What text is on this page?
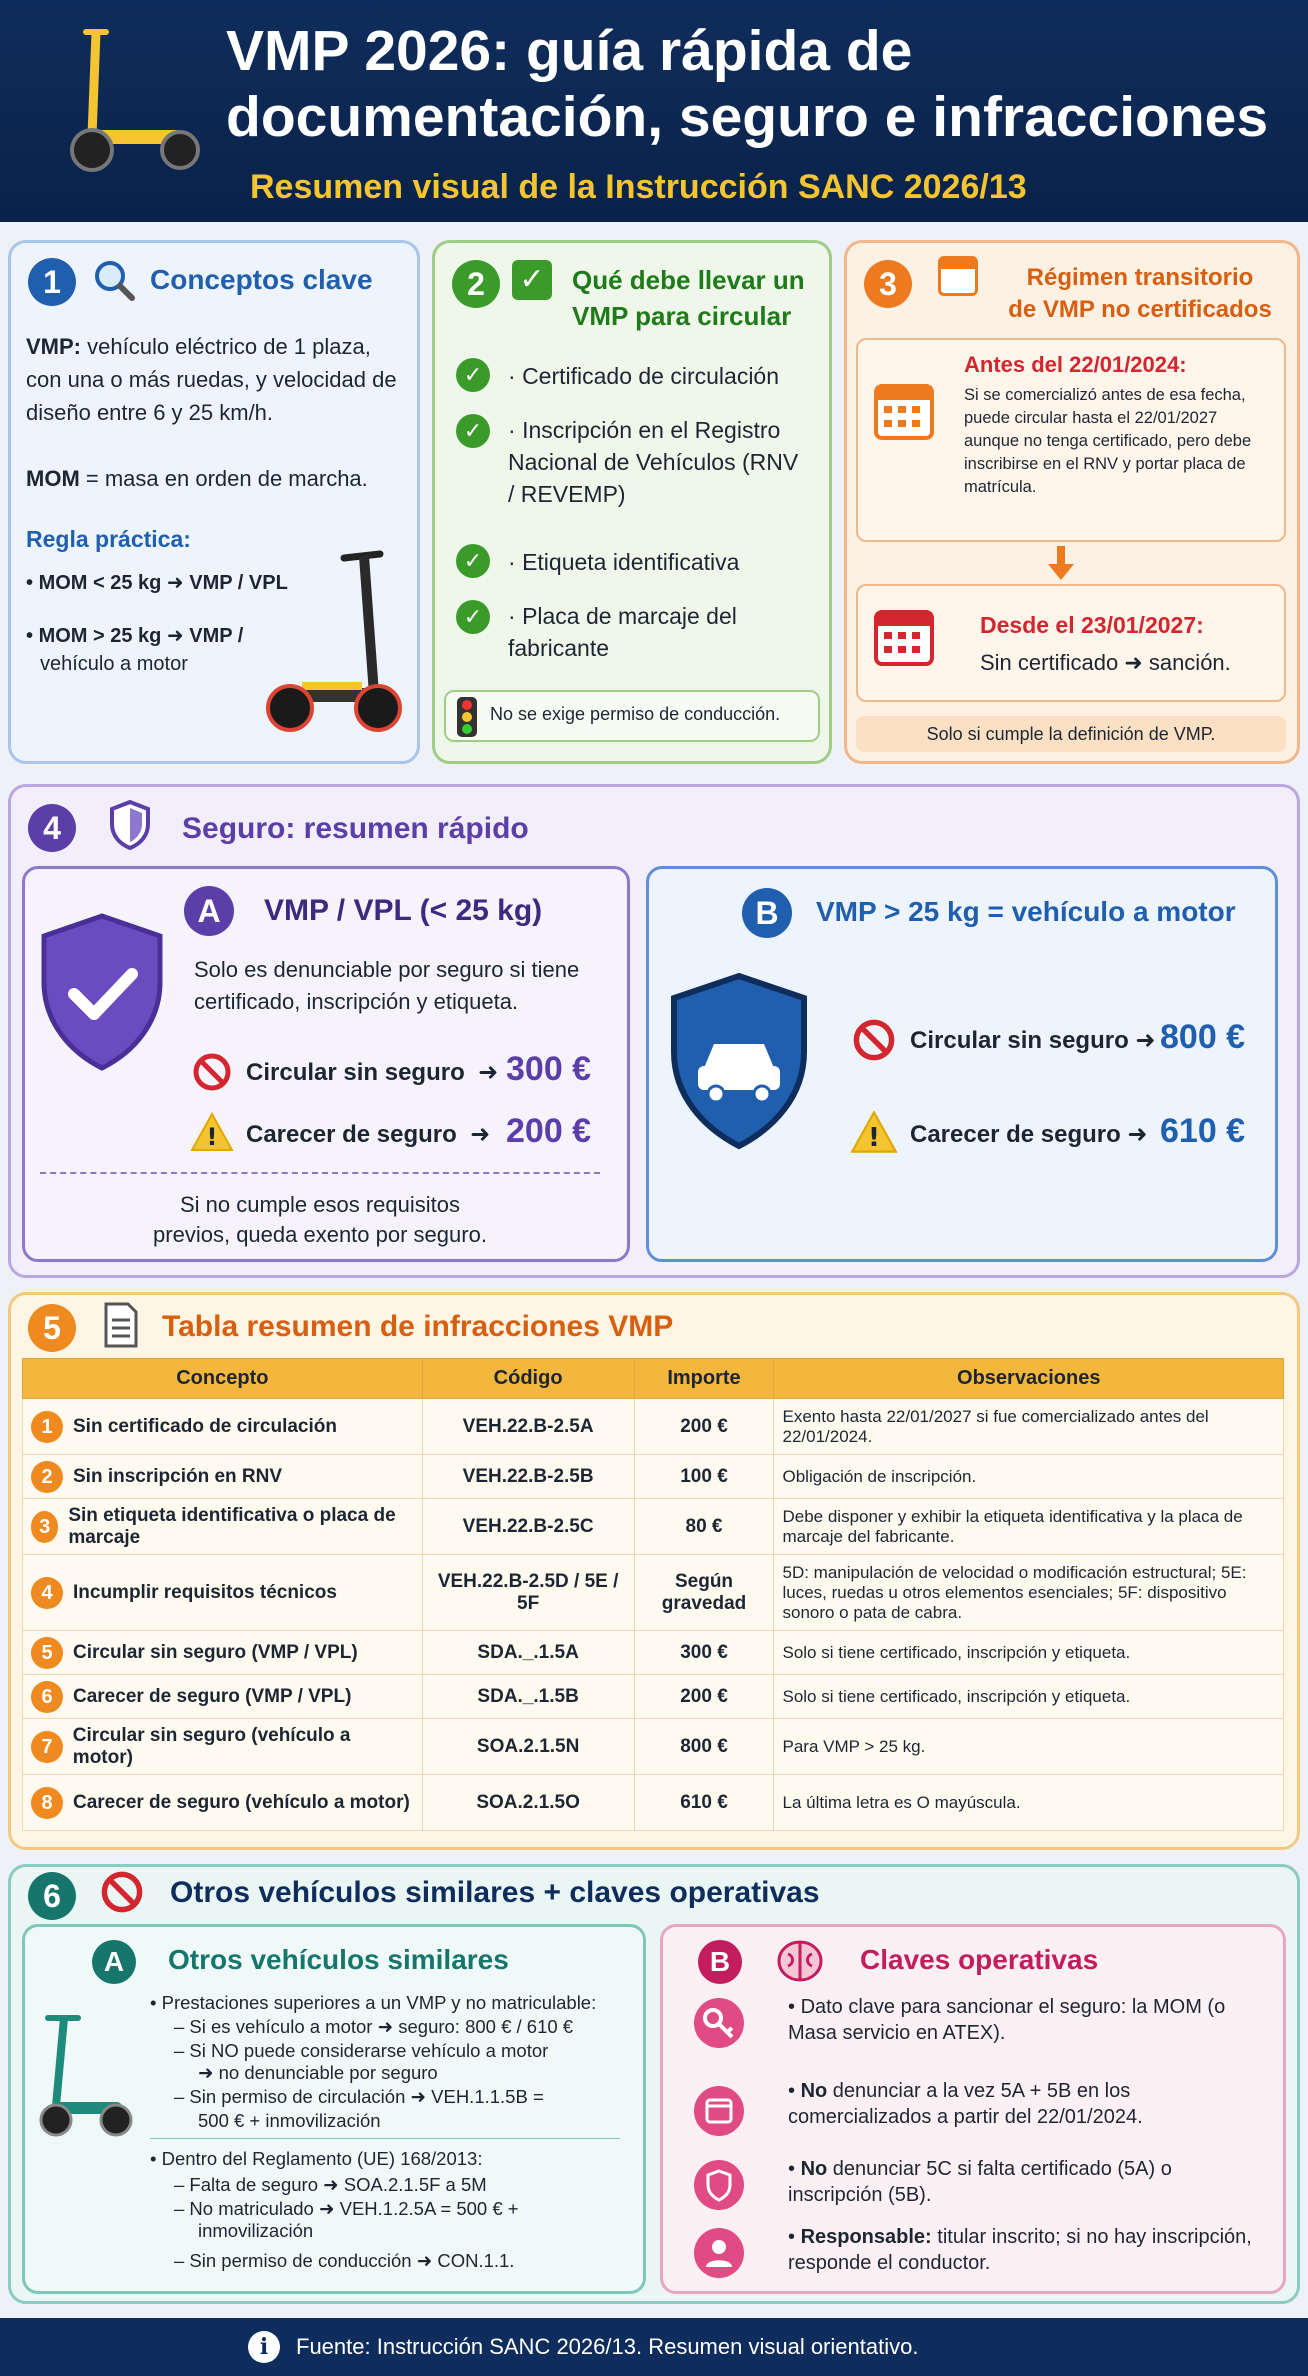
VMP 2026: guía rápida de
documentación, seguro e infracciones
Resumen visual de la Instrucción SANC 2026/13
1	Conceptos clave
VMP: vehículo eléctrico de 1 plaza, con una o más ruedas, y velocidad de diseño entre 6 y 25 km/h.
MOM = masa en orden de marcha.
Regla práctica:
• MOM < 25 kg ➜ VMP / VPL
• MOM > 25 kg ➜ VMP /
vehículo a motor
2	✓ Qué debe llevar un
VMP para circular
✓	· Certificado de circulación
✓	· Inscripción en el Registro Nacional de Vehículos (RNV / REVEMP)
✓	· Etiqueta identificativa
✓	· Placa de marcaje del fabricante
No se exige permiso de conducción.
3	Régimen transitorio
de VMP no certificados
Antes del 22/01/2024:
Si se comercializó antes de esa fecha, puede circular hasta el 22/01/2027 aunque no tenga certificado, pero debe inscribirse en el RNV y portar placa de matrícula.
Desde el 23/01/2027:
Sin certificado ➜ sanción.
Solo si cumple la definición de VMP.
4	Seguro: resumen rápido
A	VMP / VPL (< 25 kg)
Solo es denunciable por seguro si tiene certificado, inscripción y etiqueta.
Circular sin seguro  ➜ 300 €
! Carecer de seguro  ➜ 200 €
Si no cumple esos requisitos previos, queda exento por seguro.
B	VMP > 25 kg = vehículo a motor
Circular sin seguro ➜ 800 €
! Carecer de seguro ➜ 610 €
5	Tabla resumen de infracciones VMP
Concepto	Código	Importe	Observaciones

1 Sin certificado de circulación	VEH.22.B-2.5A	200 €	Exento hasta 22/01/2027 si fue comercializado antes del 22/01/2024.

2 Sin inscripción en RNV	VEH.22.B-2.5B	100 €	Obligación de inscripción.

3
Sin etiqueta identificativa o placa de marcaje	VEH.22.B-2.5C	80 €	Debe disponer y exhibir la etiqueta identificativa y la placa de marcaje del fabricante.

4 Incumplir requisitos técnicos	VEH.22.B-2.5D / 5E / 5F	Según gravedad	5D: manipulación de velocidad o modificación estructural; 5E: luces, ruedas u otros elementos esenciales; 5F: dispositivo sonoro o pata de cabra.

5 Circular sin seguro (VMP / VPL)	SDA._.1.5A	300 €	Solo si tiene certificado, inscripción y etiqueta.

6 Carecer de seguro (VMP / VPL)	SDA._.1.5B	200 €	Solo si tiene certificado, inscripción y etiqueta.

7
Circular sin seguro (vehículo a motor)	SOA.2.1.5N	800 €	Para VMP > 25 kg.

8 Carecer de seguro (vehículo a motor)	SOA.2.1.5O	610 €	La última letra es O mayúscula.
6	Otros vehículos similares + claves operativas
A	Otros vehículos similares
• Prestaciones superiores a un VMP y no matriculable:
– Si es vehículo a motor ➜ seguro: 800 € / 610 €
– Si NO puede considerarse vehículo a motor
➜ no denunciable por seguro
– Sin permiso de circulación ➜ VEH.1.1.5B =
500 € + inmovilización
• Dentro del Reglamento (UE) 168/2013:
– Falta de seguro ➜ SOA.2.1.5F a 5M
– No matriculado ➜ VEH.1.2.5A = 500 € +
inmovilización
– Sin permiso de conducción ➜ CON.1.1.
B	Claves operativas
• Dato clave para sancionar el seguro: la MOM (o Masa servicio en ATEX).
• No denunciar a la vez 5A + 5B en los comercializados a partir del 22/01/2024.
• No denunciar 5C si falta certificado (5A) o inscripción (5B).
• Responsable: titular inscrito; si no hay inscripción, responde el conductor.
i	Fuente: Instrucción SANC 2026/13. Resumen visual orientativo.
